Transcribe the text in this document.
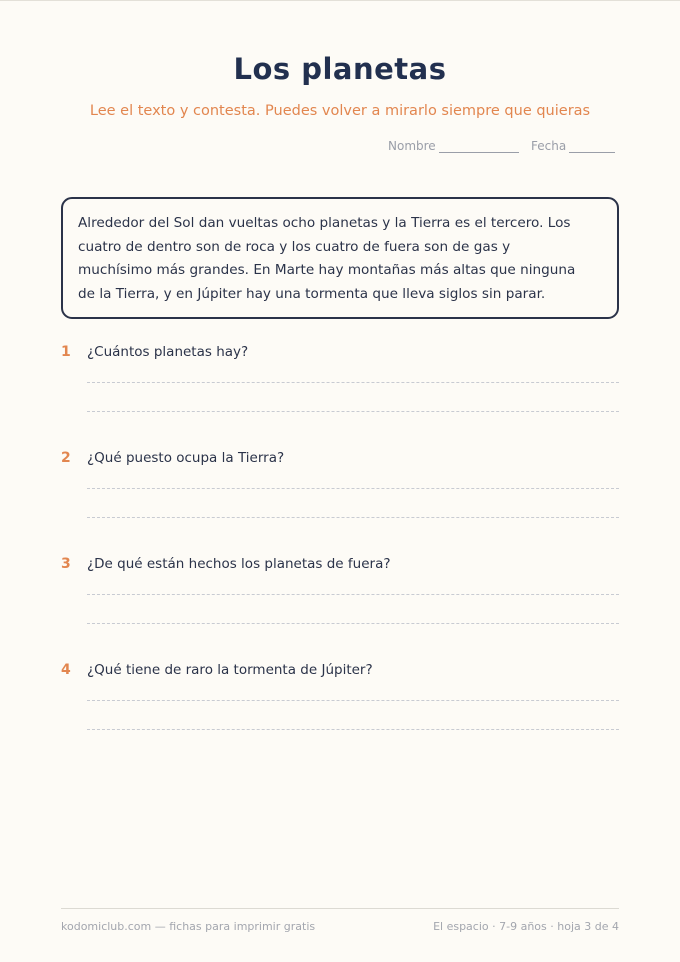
Los planetas

Lee el texto y contesta. Puedes volver a mirarlo siempre que quieras

Nombre	Fecha
Alrededor del Sol dan vueltas ocho planetas y la Tierra es el tercero. Los
cuatro de dentro son de roca y los cuatro de fuera son de gas y
muchísimo más grandes. En Marte hay montañas más altas que ninguna
de la Tierra, y en Júpiter hay una tormenta que lleva siglos sin parar.
1	¿Cuántos planetas hay?
2	¿Qué puesto ocupa la Tierra?
3	¿De qué están hechos los planetas de fuera?
4	¿Qué tiene de raro la tormenta de Júpiter?
kodomiclub.com — fichas para imprimir gratis	El espacio · 7-9 años · hoja 3 de 4
